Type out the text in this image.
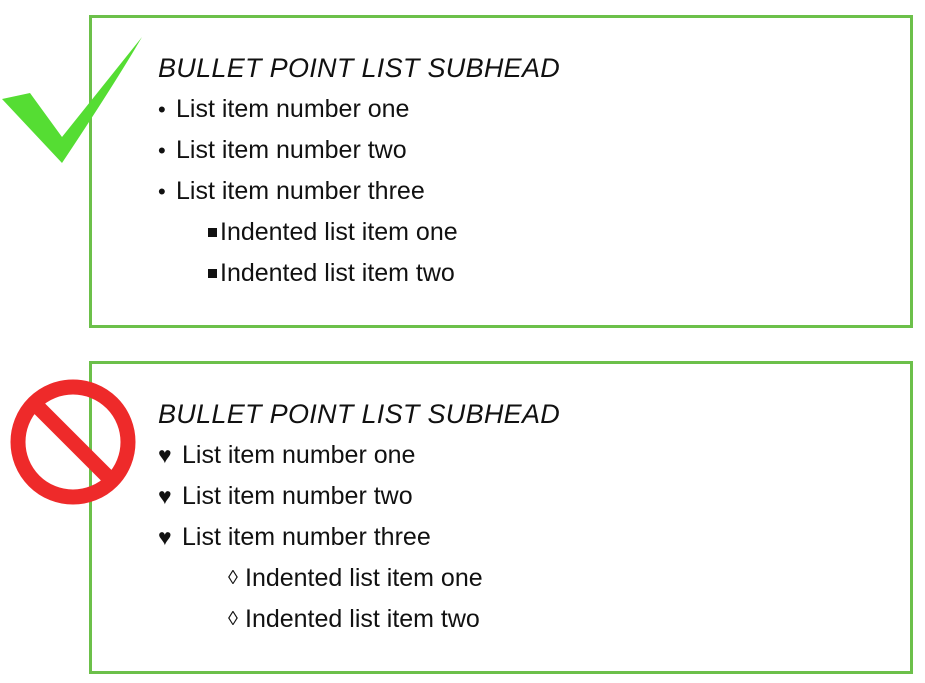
BULLET POINT LIST SUBHEAD
• List item number one
• List item number two
• List item number three
Indented list item one
Indented list item two
BULLET POINT LIST SUBHEAD
♥ List item number one
♥ List item number two
♥ List item number three
◊ Indented list item one
◊ Indented list item two
